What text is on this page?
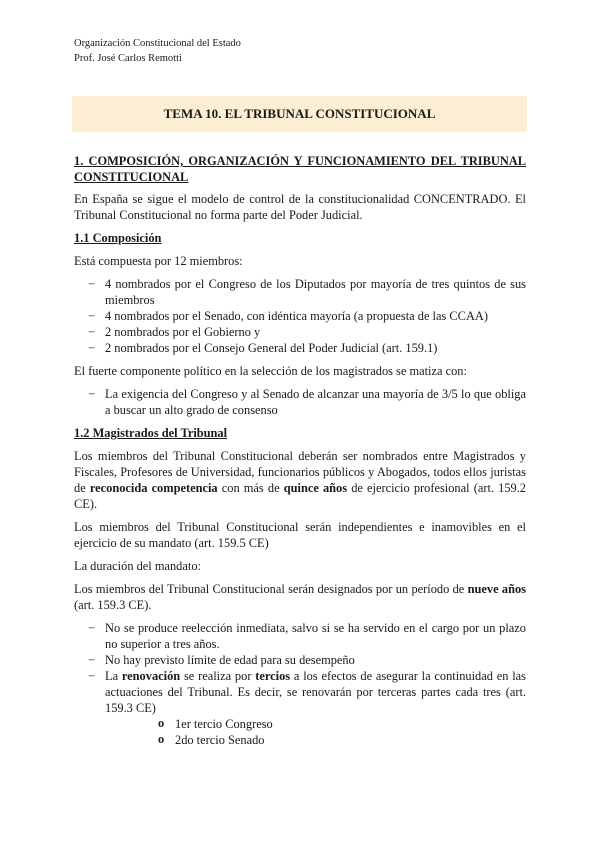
Organización Constitucional del Estado
Prof. José Carlos Remotti
TEMA 10. EL TRIBUNAL CONSTITUCIONAL
1. COMPOSICIÓN, ORGANIZACIÓN Y FUNCIONAMIENTO DEL TRIBUNAL CONSTITUCIONAL

En España se sigue el modelo de control de la constitucionalidad CONCENTRADO. El Tribunal Constitucional no forma parte del Poder Judicial.

1.1 Composición

Está compuesta por 12 miembros:

− 4 nombrados por el Congreso de los Diputados por mayoría de tres quintos de sus miembros
− 4 nombrados por el Senado, con idéntica mayoría (a propuesta de las CCAA)
− 2 nombrados por el Gobierno y
− 2 nombrados por el Consejo General del Poder Judicial (art. 159.1)

El fuerte componente político en la selección de los magistrados se matiza con:

− La exigencia del Congreso y al Senado de alcanzar una mayoría de 3/5 lo que obliga a buscar un alto grado de consenso
1.2 Magistrados del Tribunal

Los miembros del Tribunal Constitucional deberán ser nombrados entre Magistrados y Fiscales, Profesores de Universidad, funcionarios públicos y Abogados, todos ellos juristas de reconocida competencia con más de quince años de ejercicio profesional (art. 159.2 CE).

Los miembros del Tribunal Constitucional serán independientes e inamovibles en el ejercicio de su mandato (art. 159.5 CE)

La duración del mandato:

Los miembros del Tribunal Constitucional serán designados por un período de nueve años (art. 159.3 CE).

− No se produce reelección inmediata, salvo si se ha servido en el cargo por un plazo no superior a tres años.
− No hay previsto límite de edad para su desempeño
− La renovación se realiza por tercios a los efectos de asegurar la continuidad en las actuaciones del Tribunal. Es decir, se renovarán por terceras partes cada tres (art. 159.3 CE)
o 1er tercio Congreso
o 2do tercio Senado
